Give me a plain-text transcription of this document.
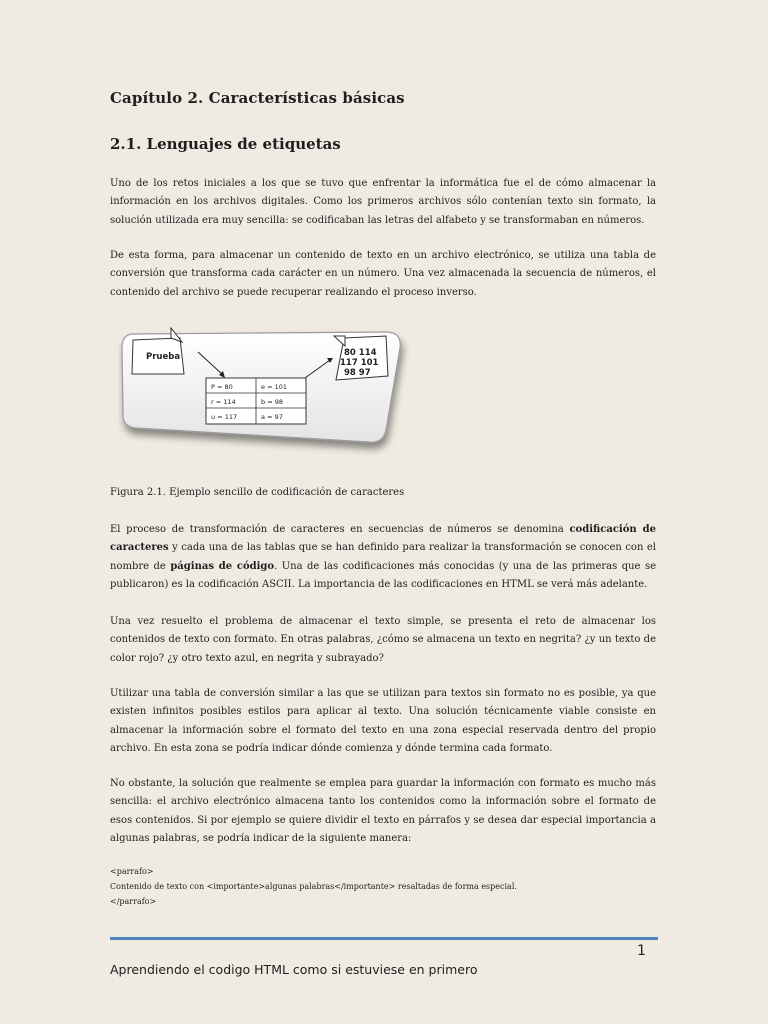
Capítulo 2. Características básicas
2.1. Lenguajes de etiquetas
Uno de los retos iniciales a los que se tuvo que enfrentar la informática fue el de cómo almacenar la información en los archivos digitales. Como los primeros archivos sólo contenían texto sin formato, la solución utilizada era muy sencilla: se codificaban las letras del alfabeto y se transformaban en números.
De esta forma, para almacenar un contenido de texto en un archivo electrónico, se utiliza una tabla de conversión que transforma cada carácter en un número. Una vez almacenada la secuencia de números, el contenido del archivo se puede recuperar realizando el proceso inverso.
Prueba
P = 80	e = 101
r = 114	b = 98
u = 117	a = 97
80 114
117 101
98 97
Figura 2.1. Ejemplo sencillo de codificación de caracteres
El proceso de transformación de caracteres en secuencias de números se denomina codificación de caracteres y cada una de las tablas que se han definido para realizar la transformación se conocen con el nombre de páginas de código. Una de las codificaciones más conocidas (y una de las primeras que se publicaron) es la codificación ASCII. La importancia de las codificaciones en HTML se verá más adelante.
Una vez resuelto el problema de almacenar el texto simple, se presenta el reto de almacenar los contenidos de texto con formato. En otras palabras, ¿cómo se almacena un texto en negrita? ¿y un texto de color rojo? ¿y otro texto azul, en negrita y subrayado?
Utilizar una tabla de conversión similar a las que se utilizan para textos sin formato no es posible, ya que existen infinitos posibles estilos para aplicar al texto. Una solución técnicamente viable consiste en almacenar la información sobre el formato del texto en una zona especial reservada dentro del propio archivo. En esta zona se podría indicar dónde comienza y dónde termina cada formato.
No obstante, la solución que realmente se emplea para guardar la información con formato es mucho más sencilla: el archivo electrónico almacena tanto los contenidos como la información sobre el formato de esos contenidos. Si por ejemplo se quiere dividir el texto en párrafos y se desea dar especial importancia a algunas palabras, se podría indicar de la siguiente manera:
<parrafo>
Contenido de texto con <importante>algunas palabras</importante> resaltadas de forma especial.
</parrafo>
1
Aprendiendo el codigo HTML como si estuviese en primero
